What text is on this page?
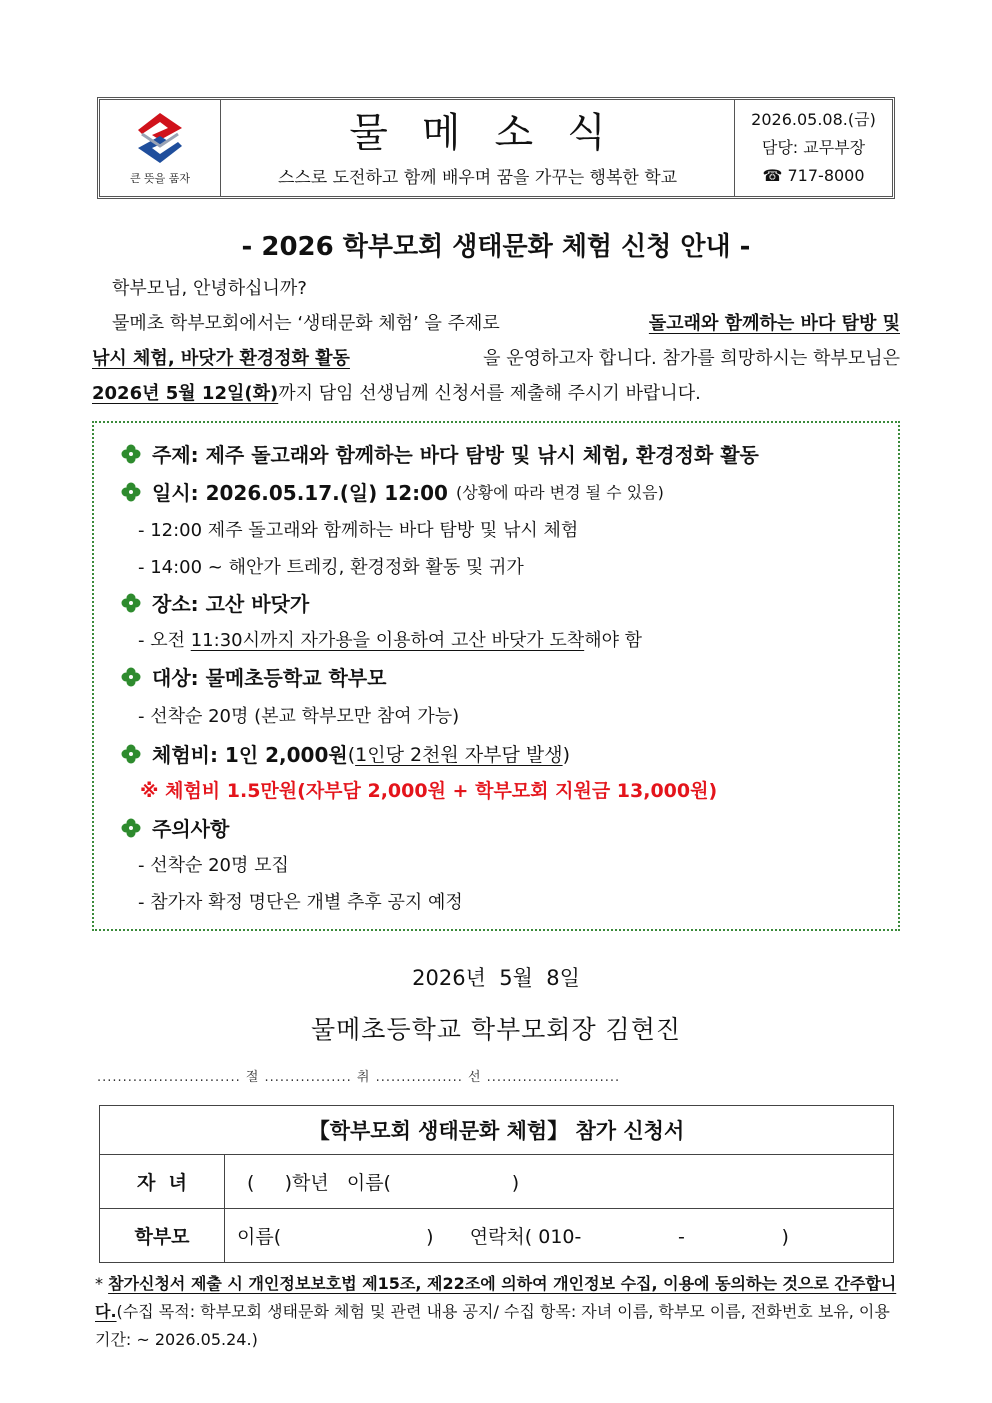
큰 뜻을 품자
물메소식
스스로 도전하고 함께 배우며 꿈을 가꾸는 행복한 학교
2026.05.08.(금)
담당: 교무부장
☎ 717-8000
- 2026 학부모회 생태문화 체험 신청 안내 -
학부모님, 안녕하십니까?
물메초 학부모회에서는 ‘생태문화 체험’ 을 주제로	돌고래와 함께하는 바다 탐방 및
낚시 체험, 바닷가 환경정화 활동	을 운영하고자 합니다. 참가를 희망하시는 학부모님은
2026년 5월 12일(화)까지 담임 선생님께 신청서를 제출해 주시기 바랍니다.
주제: 제주 돌고래와 함께하는 바다 탐방 및 낚시 체험, 환경정화 활동
일시: 2026.05.17.(일) 12:00 (상황에 따라 변경 될 수 있음)
- 12:00 제주 돌고래와 함께하는 바다 탐방 및 낚시 체험
- 14:00 ~ 해안가 트레킹, 환경정화 활동 및 귀가
장소: 고산 바닷가
- 오전 11:30시까지 자가용을 이용하여 고산 바닷가 도착해야 함
대상: 물메초등학교 학부모
- 선착순 20명 (본교 학부모만 참여 가능)
체험비: 1인 2,000원 (1인당 2천원 자부담 발생)
※ 체험비 1.5만원(자부담 2,000원 + 학부모회 지원금 13,000원)
주의사항
- 선착순 20명 모집
- 참가자 확정 명단은 개별 추후 공지 예정
2026년  5월  8일
물메초등학교 학부모회장 김현진
............................ 절 ................. 취 ................. 선 ..........................
【학부모회 생태문화 체험】 참가 신청서	
자  녀	(     )학년   이름(                    )
학부모	이름(                        )      연락처( 010-                -                )
* 참가신청서 제출 시 개인정보보호법 제15조, 제22조에 의하여 개인정보 수집, 이용에 동의하는 것으로 간주합니다.(수집 목적: 학부모회 생태문화 체험 및 관련 내용 공지/ 수집 항목: 자녀 이름, 학부모 이름, 전화번호 보유, 이용 기간: ~ 2026.05.24.)
